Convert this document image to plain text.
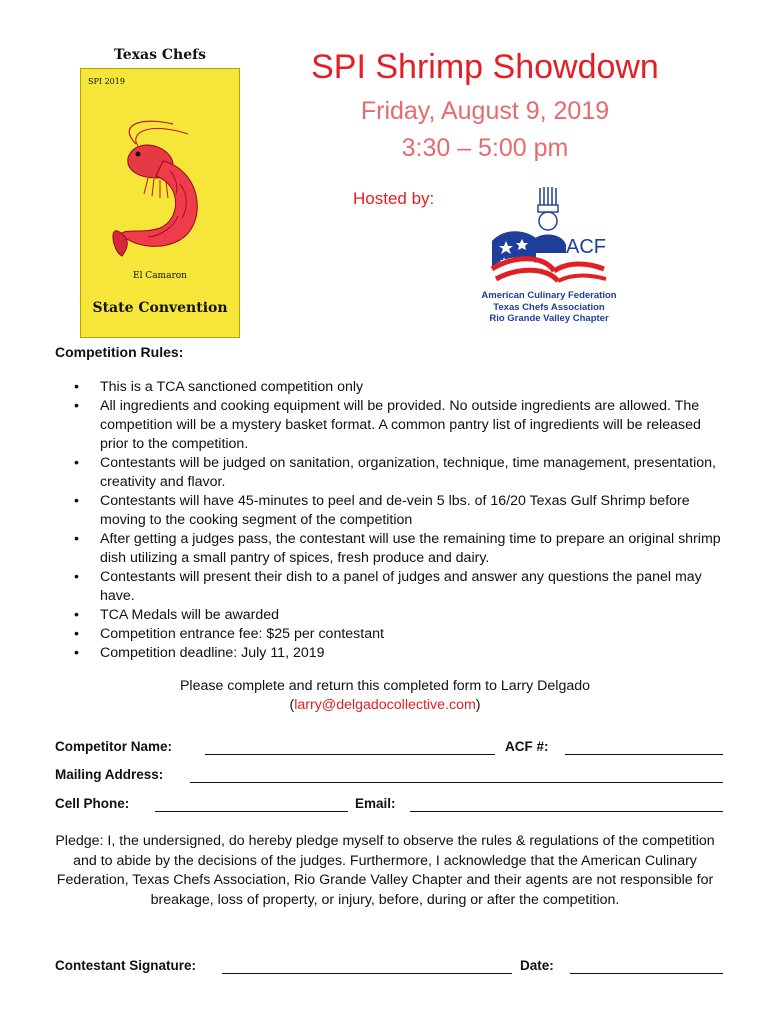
Texas Chefs
SPI 2019
El Camaron
State Convention
SPI Shrimp Showdown
Friday, August 9, 2019
3:30 – 5:00 pm
Hosted by:
ACF
American Culinary Federation
Texas Chefs Association
Rio Grande Valley Chapter
Competition Rules:
• This is a TCA sanctioned competition only
• All ingredients and cooking equipment will be provided. No outside ingredients are allowed. The competition will be a mystery basket format. A common pantry list of ingredients will be released prior to the competition.
• Contestants will be judged on sanitation, organization, technique, time management, presentation, creativity and flavor.
• Contestants will have 45-minutes to peel and de-vein 5 lbs. of 16/20 Texas Gulf Shrimp before moving to the cooking segment of the competition
• After getting a judges pass, the contestant will use the remaining time to prepare an original shrimp dish utilizing a small pantry of spices, fresh produce and dairy.
• Contestants will present their dish to a panel of judges and answer any questions the panel may have.
• TCA Medals will be awarded
• Competition entrance fee: $25 per contestant
• Competition deadline: July 11, 2019
Please complete and return this completed form to Larry Delgado
(larry@delgadocollective.com)
Competitor Name:	ACF #:
Mailing Address:
Cell Phone:	Email:
Pledge: I, the undersigned, do hereby pledge myself to observe the rules & regulations of the competition and to abide by the decisions of the judges. Furthermore, I acknowledge that the American Culinary Federation, Texas Chefs Association, Rio Grande Valley Chapter and their agents are not responsible for breakage, loss of property, or injury, before, during or after the competition.
Contestant Signature:	Date:
